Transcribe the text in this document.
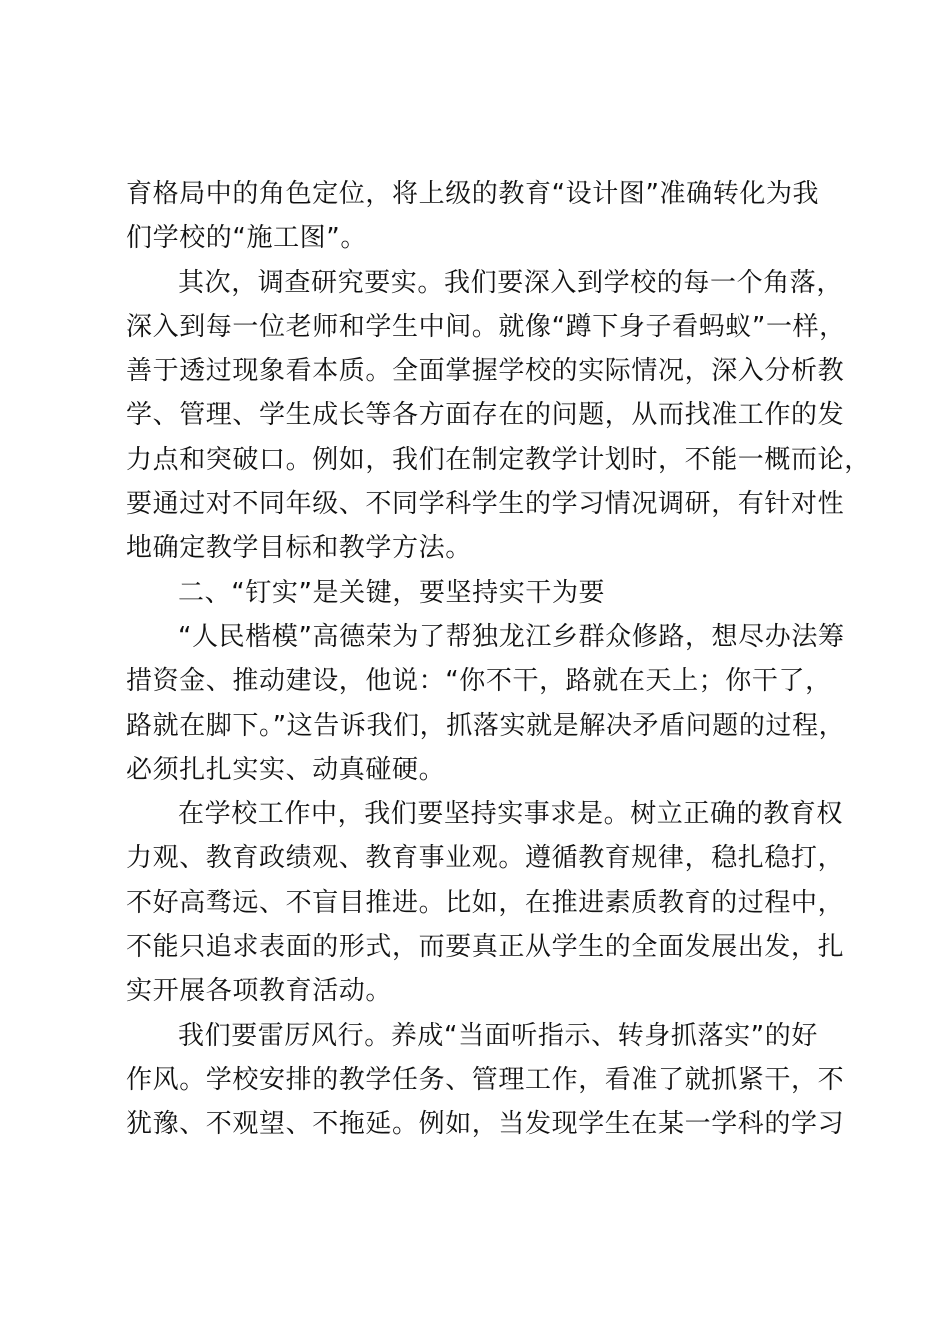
育格局中的角色定位，将上级的教育“设计图”准确转化为我
们学校的“施工图”。
其次，调查研究要实。我们要深入到学校的每一个角落，
深入到每一位老师和学生中间。就像“蹲下身子看蚂蚁”一样，
善于透过现象看本质。全面掌握学校的实际情况，深入分析教
学、管理、学生成长等各方面存在的问题，从而找准工作的发
力点和突破口。例如，我们在制定教学计划时，不能一概而论，
要通过对不同年级、不同学科学生的学习情况调研，有针对性
地确定教学目标和教学方法。
二、“钉实”是关键，要坚持实干为要
“人民楷模”高德荣为了帮独龙江乡群众修路，想尽办法筹
措资金、推动建设，他说：“你不干，路就在天上；你干了，
路就在脚下。”这告诉我们，抓落实就是解决矛盾问题的过程，
必须扎扎实实、动真碰硬。
在学校工作中，我们要坚持实事求是。树立正确的教育权
力观、教育政绩观、教育事业观。遵循教育规律，稳扎稳打，
不好高骛远、不盲目推进。比如，在推进素质教育的过程中，
不能只追求表面的形式，而要真正从学生的全面发展出发，扎
实开展各项教育活动。
我们要雷厉风行。养成“当面听指示、转身抓落实”的好
作风。学校安排的教学任务、管理工作，看准了就抓紧干，不
犹豫、不观望、不拖延。例如，当发现学生在某一学科的学习
